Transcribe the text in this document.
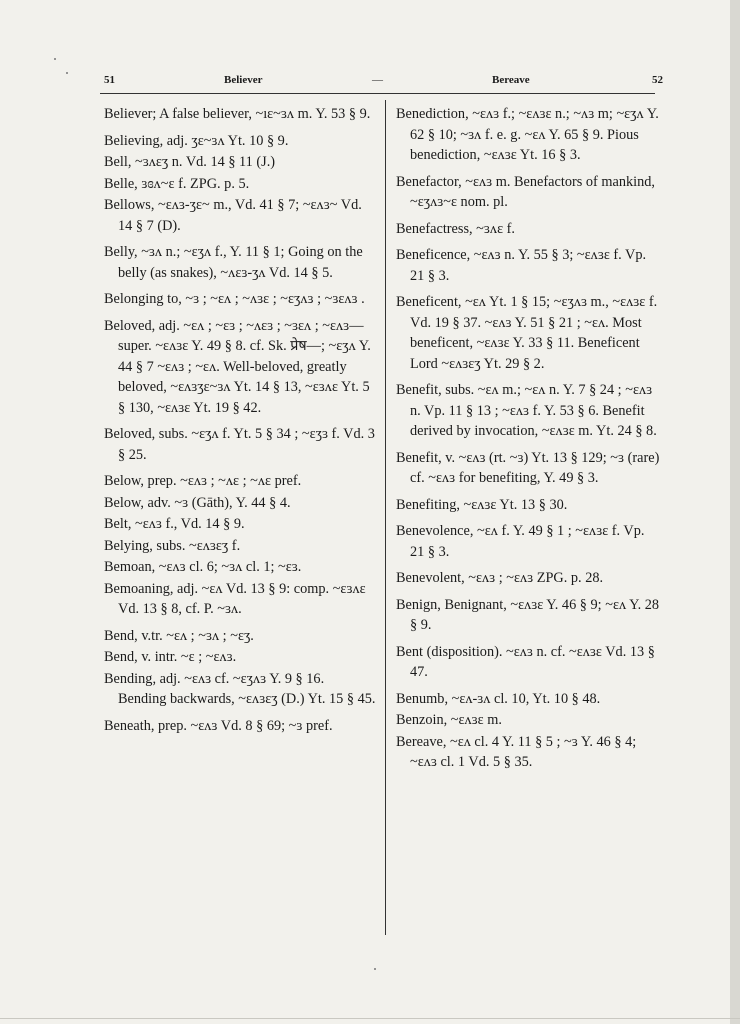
51	Believer	—	Bereave	52
Believer; A false believer, ~ıɛ~ɜʌ m. Y. 53 § 9.
Believing, adj. ʒɛ~ɜʌ Yt. 10 § 9.
Bell, ~ɜʌɛʒ n. Vd. 14 § 11 (J.)
Belle, ɜɞʌ~ɛ f. ZPG. p. 5.
Bellows, ~ɛʌɜ-ʒɛ~ m., Vd. 41 § 7; ~ɛʌɜ~ Vd. 14 § 7 (D).
Belly, ~ɜʌ n.; ~ɛʒʌ f., Y. 11 § 1; Going on the belly (as snakes), ~ʌɛɜ-ʒʌ Vd. 14 § 5.
Belonging to, ~ɜ ; ~ɛʌ ; ~ʌɜɛ ; ~ɛʒʌɜ ; ~ɜɛʌɜ .
Beloved, adj. ~ɛʌ ; ~ɛɜ ; ~ʌɛɜ ; ~ɜɛʌ ; ~ɛʌɜ—super. ~ɛʌɜɛ Y. 49 § 8. cf. Sk. प्रेष—; ~ɛʒʌ Y. 44 § 7 ~ɛʌɜ ; ~ɛʌ. Well-beloved, greatly beloved, ~ɛʌɜʒɛ~ɜʌ Yt. 14 § 13, ~ɛɜʌɛ Yt. 5 § 130, ~ɛʌɜɛ Yt. 19 § 42.
Beloved, subs. ~ɛʒʌ f. Yt. 5 § 34 ; ~ɛʒɜ f. Vd. 3 § 25.
Below, prep. ~ɛʌɜ ; ~ʌɛ ; ~ʌɛ pref.
Below, adv. ~ɜ (Gāth), Y. 44 § 4.
Belt, ~ɛʌɜ f., Vd. 14 § 9.
Belying, subs. ~ɛʌɜɛʒ f.
Bemoan, ~ɛʌɜ cl. 6; ~ɜʌ cl. 1; ~ɛɜ.
Bemoaning, adj. ~ɛʌ Vd. 13 § 9: comp. ~ɛɜʌɛ Vd. 13 § 8, cf. P. ~ɜʌ.
Bend, v.tr. ~ɛʌ ; ~ɜʌ ; ~ɛʒ.
Bend, v. intr. ~ɛ ; ~ɛʌɜ.
Bending, adj. ~ɛʌɜ cf. ~ɛʒʌɜ Y. 9 § 16. Bending backwards, ~ɛʌɜɛʒ (D.) Yt. 15 § 45.
Beneath, prep. ~ɛʌɜ Vd. 8 § 69; ~ɜ pref.
Benediction, ~ɛʌɜ f.; ~ɛʌɜɛ n.; ~ʌɜ m; ~ɛʒʌ Y. 62 § 10; ~ɜʌ f. e. g. ~ɛʌ Y. 65 § 9. Pious benediction, ~ɛʌɜɛ Yt. 16 § 3.
Benefactor, ~ɛʌɜ m. Benefactors of mankind, ~ɛʒʌɜ~ɛ nom. pl.
Benefactress, ~ɜʌɛ f.
Beneficence, ~ɛʌɜ n. Y. 55 § 3; ~ɛʌɜɛ f. Vp. 21 § 3.
Beneficent, ~ɛʌ Yt. 1 § 15; ~ɛʒʌɜ m., ~ɛʌɜɛ f. Vd. 19 § 37. ~ɛʌɜ Y. 51 § 21 ; ~ɛʌ. Most beneficent, ~ɛʌɜɛ Y. 33 § 11. Beneficent Lord ~ɛʌɜɛʒ Yt. 29 § 2.
Benefit, subs. ~ɛʌ m.; ~ɛʌ n. Y. 7 § 24 ; ~ɛʌɜ n. Vp. 11 § 13 ; ~ɛʌɜ f. Y. 53 § 6. Benefit derived by invocation, ~ɛʌɜɛ m. Yt. 24 § 8.
Benefit, v. ~ɛʌɜ (rt. ~ɜ) Yt. 13 § 129; ~ɜ (rare) cf. ~ɛʌɜ for benefiting, Y. 49 § 3.
Benefiting, ~ɛʌɜɛ Yt. 13 § 30.
Benevolence, ~ɛʌ f. Y. 49 § 1 ; ~ɛʌɜɛ f. Vp. 21 § 3.
Benevolent, ~ɛʌɜ ; ~ɛʌɜ ZPG. p. 28.
Benign, Benignant, ~ɛʌɜɛ Y. 46 § 9; ~ɛʌ Y. 28 § 9.
Bent (disposition). ~ɛʌɜ n. cf. ~ɛʌɜɛ Vd. 13 § 47.
Benumb, ~ɛʌ-ɜʌ cl. 10, Yt. 10 § 48.
Benzoin, ~ɛʌɜɛ m.
Bereave, ~ɛʌ cl. 4 Y. 11 § 5 ; ~ɜ Y. 46 § 4; ~ɛʌɜ cl. 1 Vd. 5 § 35.
